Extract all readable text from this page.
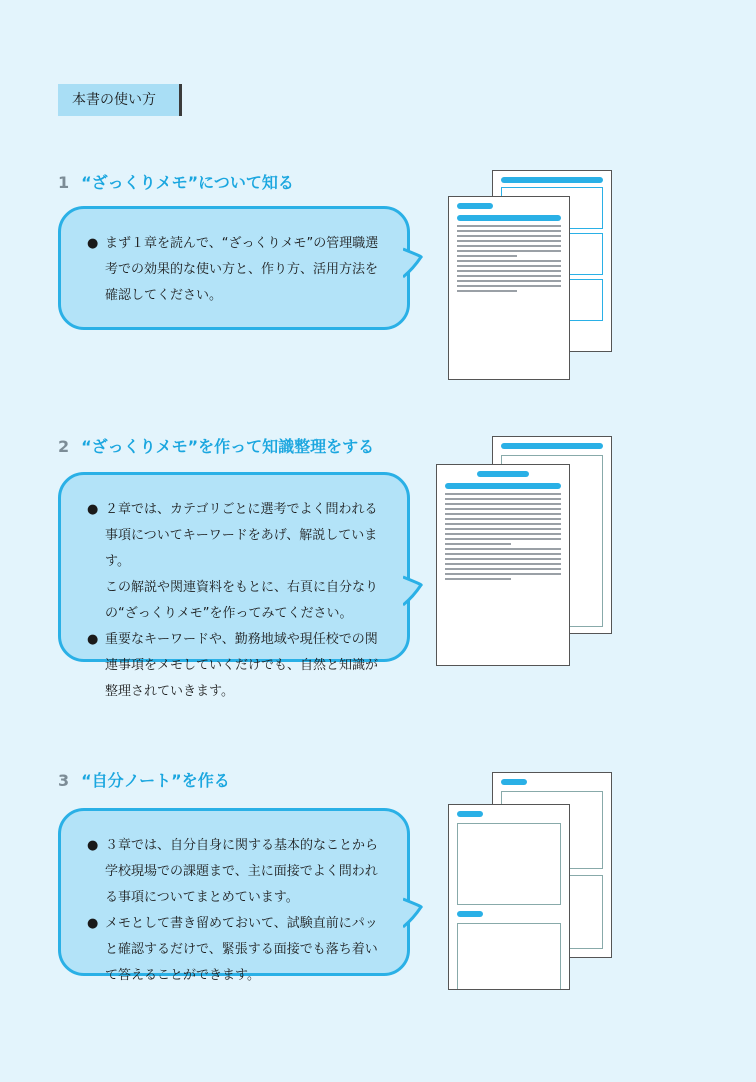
本書の使い方
1 “ざっくりメモ”について知る
● まず１章を読んで、“ざっくりメモ”の管理職選考での効果的な使い方と、作り方、活用方法を確認してください。
2 “ざっくりメモ”を作って知識整理をする
● ２章では、カテゴリごとに選考でよく問われる事項についてキーワードをあげ、解説しています。
この解説や関連資料をもとに、右頁に自分なりの“ざっくりメモ”を作ってみてください。
● 重要なキーワードや、勤務地域や現任校での関連事項をメモしていくだけでも、自然と知識が整理されていきます。
3 “自分ノート”を作る
● ３章では、自分自身に関する基本的なことから学校現場での課題まで、主に面接でよく問われる事項についてまとめています。
● メモとして書き留めておいて、試験直前にパッと確認するだけで、緊張する面接でも落ち着いて答えることができます。
